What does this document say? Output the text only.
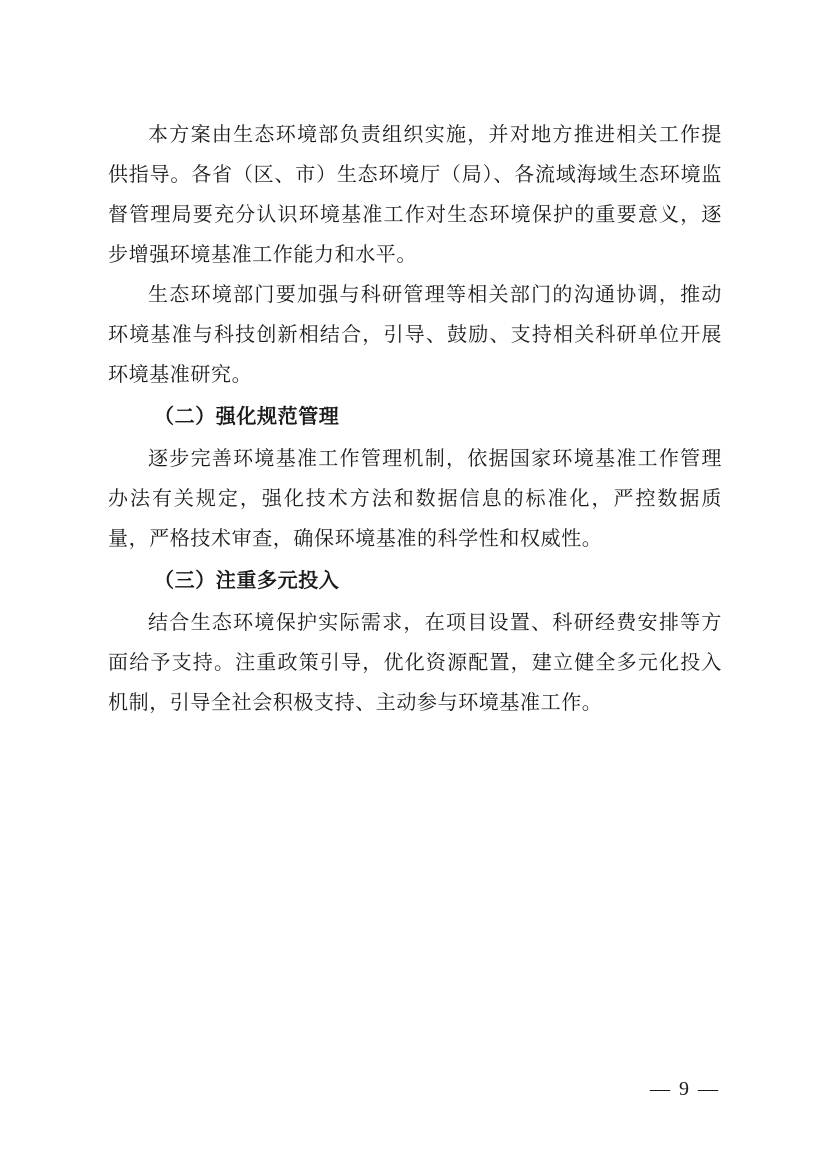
本方案由生态环境部负责组织实施，并对地方推进相关工作提供指导。各省（区、市）生态环境厅（局）、各流域海域生态环境监督管理局要充分认识环境基准工作对生态环境保护的重要意义，逐步增强环境基准工作能力和水平。

生态环境部门要加强与科研管理等相关部门的沟通协调，推动环境基准与科技创新相结合，引导、鼓励、支持相关科研单位开展环境基准研究。

（二）强化规范管理

逐步完善环境基准工作管理机制，依据国家环境基准工作管理办法有关规定，强化技术方法和数据信息的标准化，严控数据质量，严格技术审查，确保环境基准的科学性和权威性。

（三）注重多元投入

结合生态环境保护实际需求，在项目设置、科研经费安排等方面给予支持。注重政策引导，优化资源配置，建立健全多元化投入机制，引导全社会积极支持、主动参与环境基准工作。

— 9 —
